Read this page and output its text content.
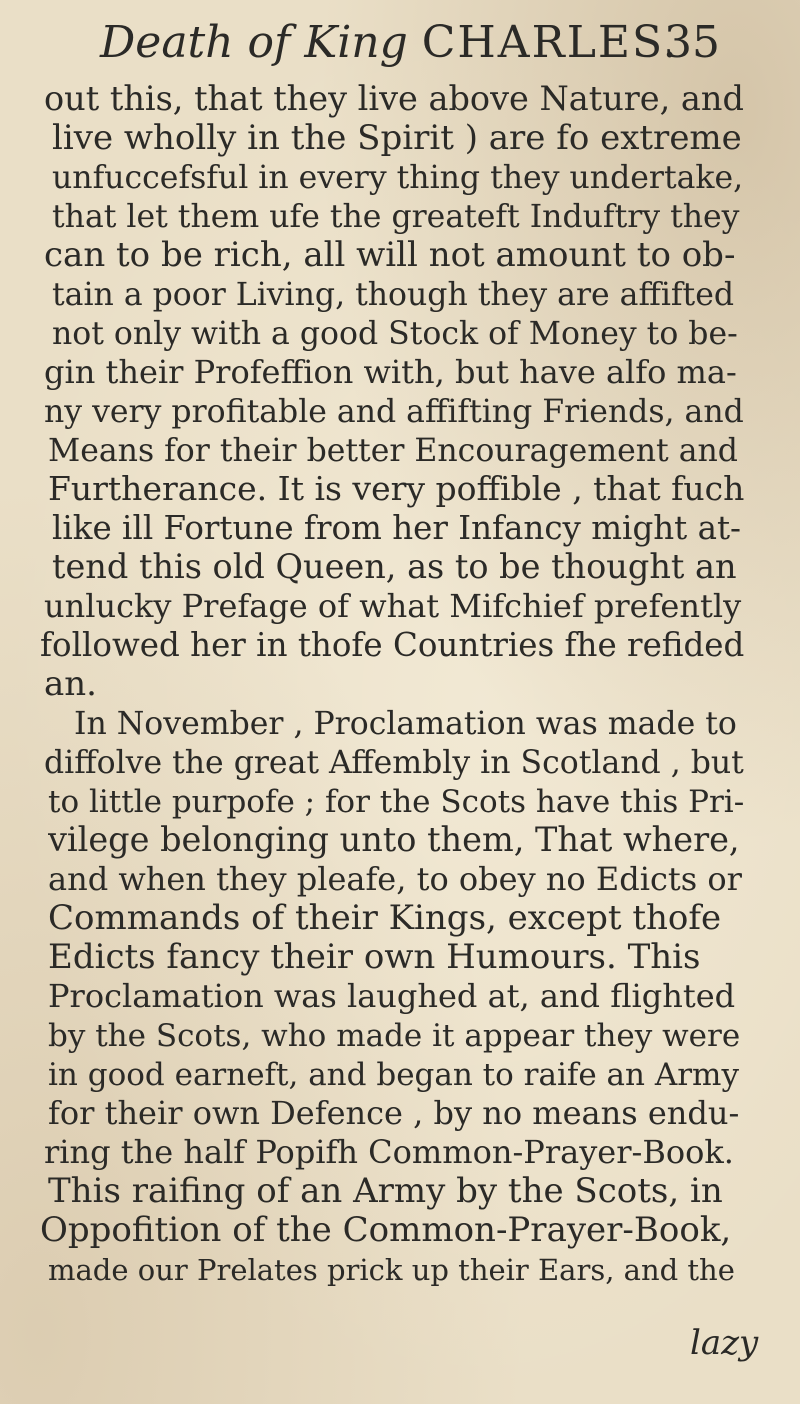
Death of King CHARLES.
35
out this, that they live above Nature, and
live wholly in the Spirit ) are fo extreme
unfuccefsful in every thing they undertake,
that let them ufe the greateft Induftry they
can to be rich, all will not amount to ob-
tain a poor Living, though they are affifted
not only with a good Stock of Money to be-
gin their Profeffion with, but have alfo ma-
ny very profitable and affifting Friends, and
Means for their better Encouragement and
Furtherance. It is very poffible , that fuch
like ill Fortune from her Infancy might at-
tend this old Queen, as to be thought an
unlucky Prefage of what Mifchief prefently
followed her in thofe Countries fhe refided
an.
In November , Proclamation was made to
diffolve the great Affembly in Scotland , but
to little purpofe ; for the Scots have this Pri-
vilege belonging unto them, That where,
and when they pleafe, to obey no Edicts or
Commands of their Kings, except thofe
Edicts fancy their own Humours. This
Proclamation was laughed at, and flighted
by the Scots, who made it appear they were
in good earneft, and began to raife an Army
for their own Defence , by no means endu-
ring the half Popifh Common-Prayer-Book.
This raifing of an Army by the Scots, in
Oppofition of the Common-Prayer-Book,
made our Prelates prick up their Ears, and the
lazy
